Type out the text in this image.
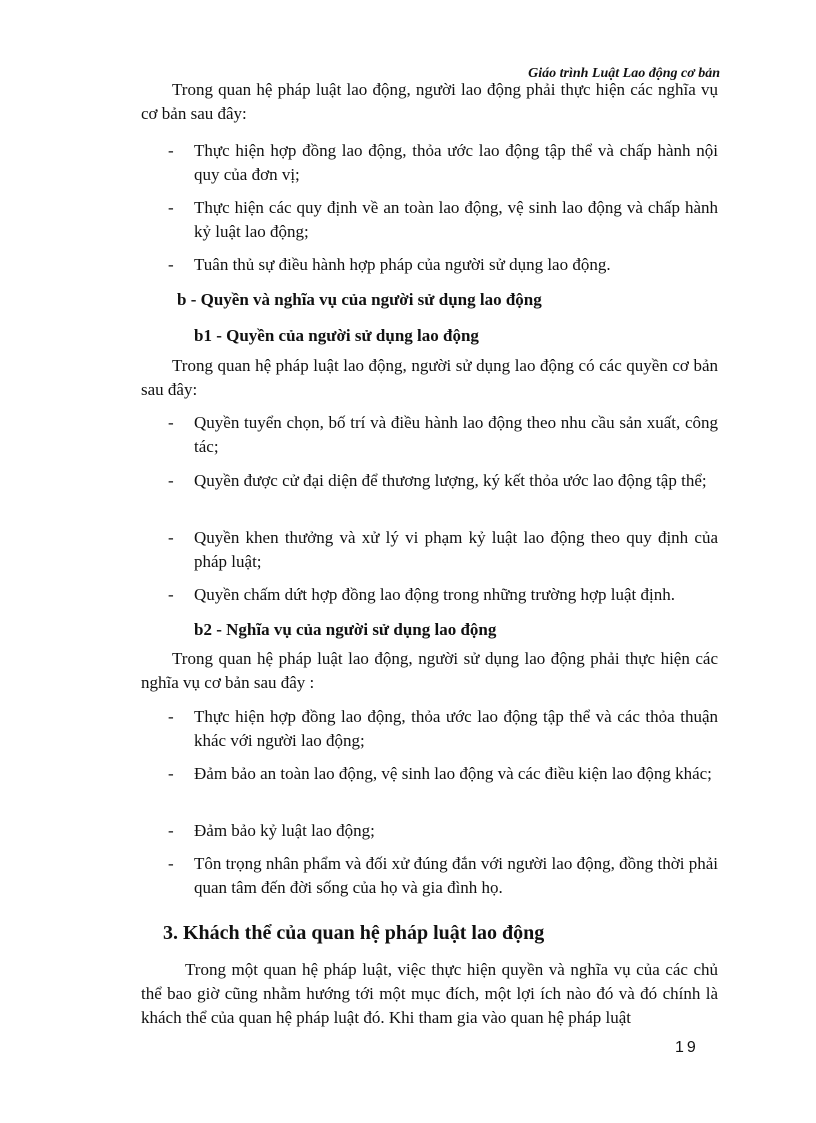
Giáo trình Luật Lao động cơ bản
Trong quan hệ pháp luật lao động, người lao động phải thực hiện các nghĩa vụ cơ bản sau đây:
- Thực hiện hợp đồng lao động, thỏa ước lao động tập thể và chấp hành nội quy của đơn vị;
- Thực hiện các quy định về an toàn lao động, vệ sinh lao động và chấp hành kỷ luật lao động;
- Tuân thủ sự điều hành hợp pháp của người sử dụng lao động.
b - Quyền và nghĩa vụ của người sử dụng lao động
b1 - Quyền của người sử dụng lao động
Trong quan hệ pháp luật lao động, người sử dụng lao động có các quyền cơ bản sau đây:
- Quyền tuyển chọn, bố trí và điều hành lao động theo nhu cầu sản xuất, công tác;
- Quyền được cử đại diện để thương lượng, ký kết thỏa ước lao động tập thể;
- Quyền khen thưởng và xử lý vi phạm kỷ luật lao động theo quy định của pháp luật;
- Quyền chấm dứt hợp đồng lao động trong những trường hợp luật định.
b2 - Nghĩa vụ của người sử dụng lao động
Trong quan hệ pháp luật lao động, người sử dụng lao động phải thực hiện các nghĩa vụ cơ bản sau đây :
- Thực hiện hợp đồng lao động, thỏa ước lao động tập thể và các thỏa thuận khác với người lao động;
- Đảm bảo an toàn lao động, vệ sinh lao động và các điều kiện lao động khác;
- Đảm bảo kỷ luật lao động;
- Tôn trọng nhân phẩm và đối xử đúng đắn với người lao động, đồng thời phải quan tâm đến đời sống của họ và gia đình họ.
3. Khách thể của quan hệ pháp luật lao động
Trong một quan hệ pháp luật, việc thực hiện quyền và nghĩa vụ của các chủ thể bao giờ cũng nhằm hướng tới một mục đích, một lợi ích nào đó và đó chính là khách thể của quan hệ pháp luật đó. Khi tham gia vào quan hệ pháp luật
19
